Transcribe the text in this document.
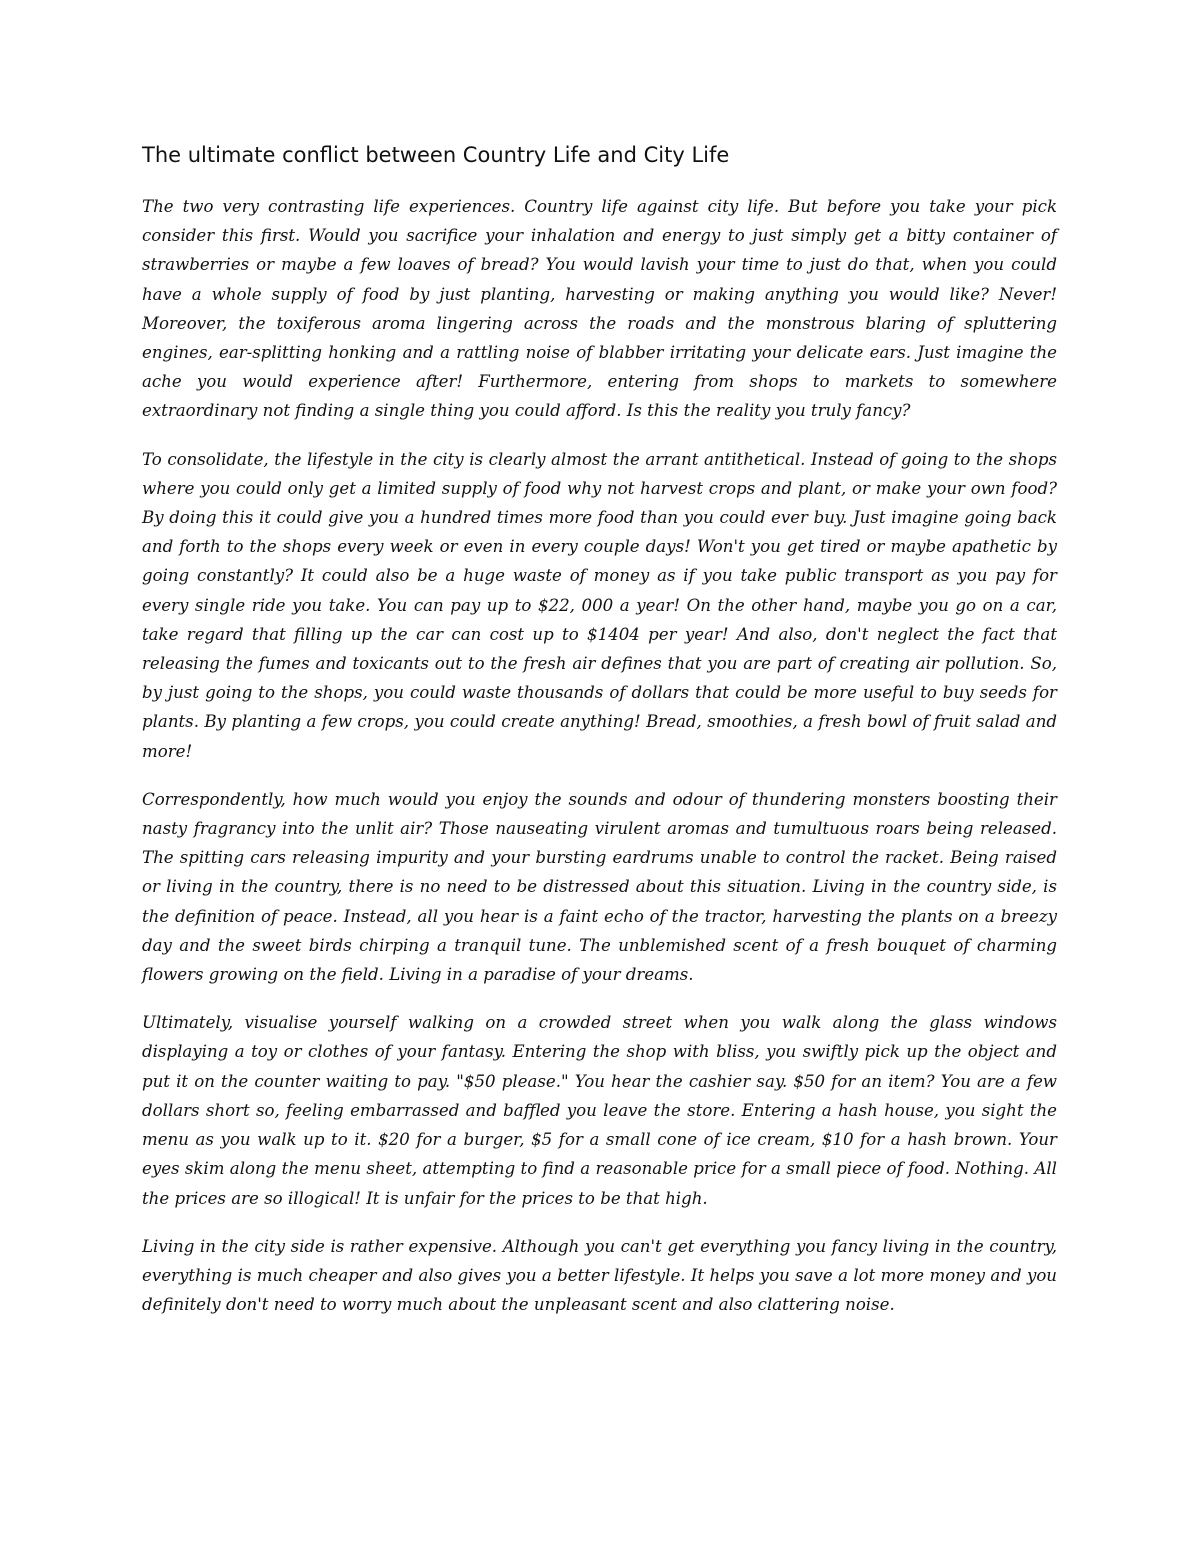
The ultimate conflict between Country Life and City Life

The two very contrasting life experiences. Country life against city life. But before you take your pick consider this first. Would you sacrifice your inhalation and energy to just simply get a bitty container of strawberries or maybe a few loaves of bread? You would lavish your time to just do that, when you could have a whole supply of food by just planting, harvesting or making anything you would like? Never! Moreover, the toxiferous aroma lingering across the roads and the monstrous blaring of spluttering engines, ear-splitting honking and a rattling noise of blabber irritating your delicate ears. Just imagine the ache you would experience after! Furthermore, entering from shops to markets to somewhere extraordinary not finding a single thing you could afford. Is this the reality you truly fancy?

To consolidate, the lifestyle in the city is clearly almost the arrant antithetical. Instead of going to the shops where you could only get a limited supply of food why not harvest crops and plant, or make your own food? By doing this it could give you a hundred times more food than you could ever buy. Just imagine going back and forth to the shops every week or even in every couple days! Won't you get tired or maybe apathetic by going constantly? It could also be a huge waste of money as if you take public transport as you pay for every single ride you take. You can pay up to $22, 000 a year! On the other hand, maybe you go on a car, take regard that filling up the car can cost up to $1404 per year! And also, don't neglect the fact that releasing the fumes and toxicants out to the fresh air defines that you are part of creating air pollution. So, by just going to the shops, you could waste thousands of dollars that could be more useful to buy seeds for plants. By planting a few crops, you could create anything! Bread, smoothies, a fresh bowl of fruit salad and more!

Correspondently, how much would you enjoy the sounds and odour of thundering monsters boosting their nasty fragrancy into the unlit air? Those nauseating virulent aromas and tumultuous roars being released. The spitting cars releasing impurity and your bursting eardrums unable to control the racket. Being raised or living in the country, there is no need to be distressed about this situation. Living in the country side, is the definition of peace. Instead, all you hear is a faint echo of the tractor, harvesting the plants on a breezy day and the sweet birds chirping a tranquil tune. The unblemished scent of a fresh bouquet of charming flowers growing on the field. Living in a paradise of your dreams.

Ultimately, visualise yourself walking on a crowded street when you walk along the glass windows displaying a toy or clothes of your fantasy. Entering the shop with bliss, you swiftly pick up the object and put it on the counter waiting to pay. "$50 please." You hear the cashier say. $50 for an item? You are a few dollars short so, feeling embarrassed and baffled you leave the store. Entering a hash house, you sight the menu as you walk up to it. $20 for a burger, $5 for a small cone of ice cream, $10 for a hash brown. Your eyes skim along the menu sheet, attempting to find a reasonable price for a small piece of food. Nothing. All the prices are so illogical! It is unfair for the prices to be that high.

Living in the city side is rather expensive. Although you can't get everything you fancy living in the country, everything is much cheaper and also gives you a better lifestyle. It helps you save a lot more money and you definitely don't need to worry much about the unpleasant scent and also clattering noise.
